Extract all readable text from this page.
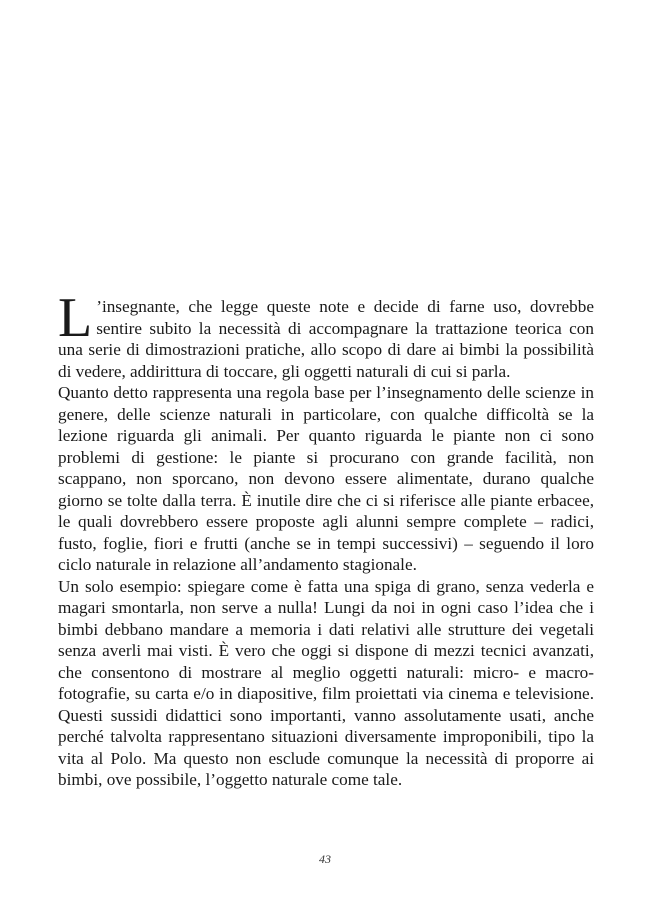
L ’insegnante, che legge queste note e decide di farne uso, dovrebbe sentire subito la necessità di accompagnare la trattazione teorica con una serie di dimostrazioni pratiche, allo scopo di dare ai bimbi la possibilità di vedere, addirittura di toccare, gli oggetti naturali di cui si parla.

Quanto detto rappresenta una regola base per l’insegnamento delle scienze in genere, delle scienze naturali in particolare, con qualche difficoltà se la lezione riguarda gli animali. Per quanto riguarda le piante non ci sono problemi di gestione: le piante si procurano con grande facilità, non scappano, non sporcano, non devono essere alimentate, durano qualche giorno se tolte dalla terra. È inutile dire che ci si riferisce alle piante erbacee, le quali dovrebbero essere proposte agli alunni sempre complete – radici, fusto, foglie, fiori e frutti (anche se in tempi successivi) – seguendo il loro ciclo naturale in relazione all’andamento stagionale.

Un solo esempio: spiegare come è fatta una spiga di grano, senza vederla e magari smontarla, non serve a nulla! Lungi da noi in ogni caso l’idea che i bimbi debbano mandare a memoria i dati relativi alle strutture dei vegetali senza averli mai visti. È vero che oggi si dispone di mezzi tecnici avanzati, che consentono di mostrare al meglio oggetti naturali: micro- e macro-fotografie, su carta e/o in diapositive, film proiettati via cinema e televisione. Questi sussidi didattici sono importanti, vanno assolutamente usati, anche perché talvolta rappresentano situazioni diversamente improponibili, tipo la vita al Polo. Ma questo non esclude comunque la necessità di proporre ai bimbi, ove possibile, l’oggetto naturale come tale.

43
